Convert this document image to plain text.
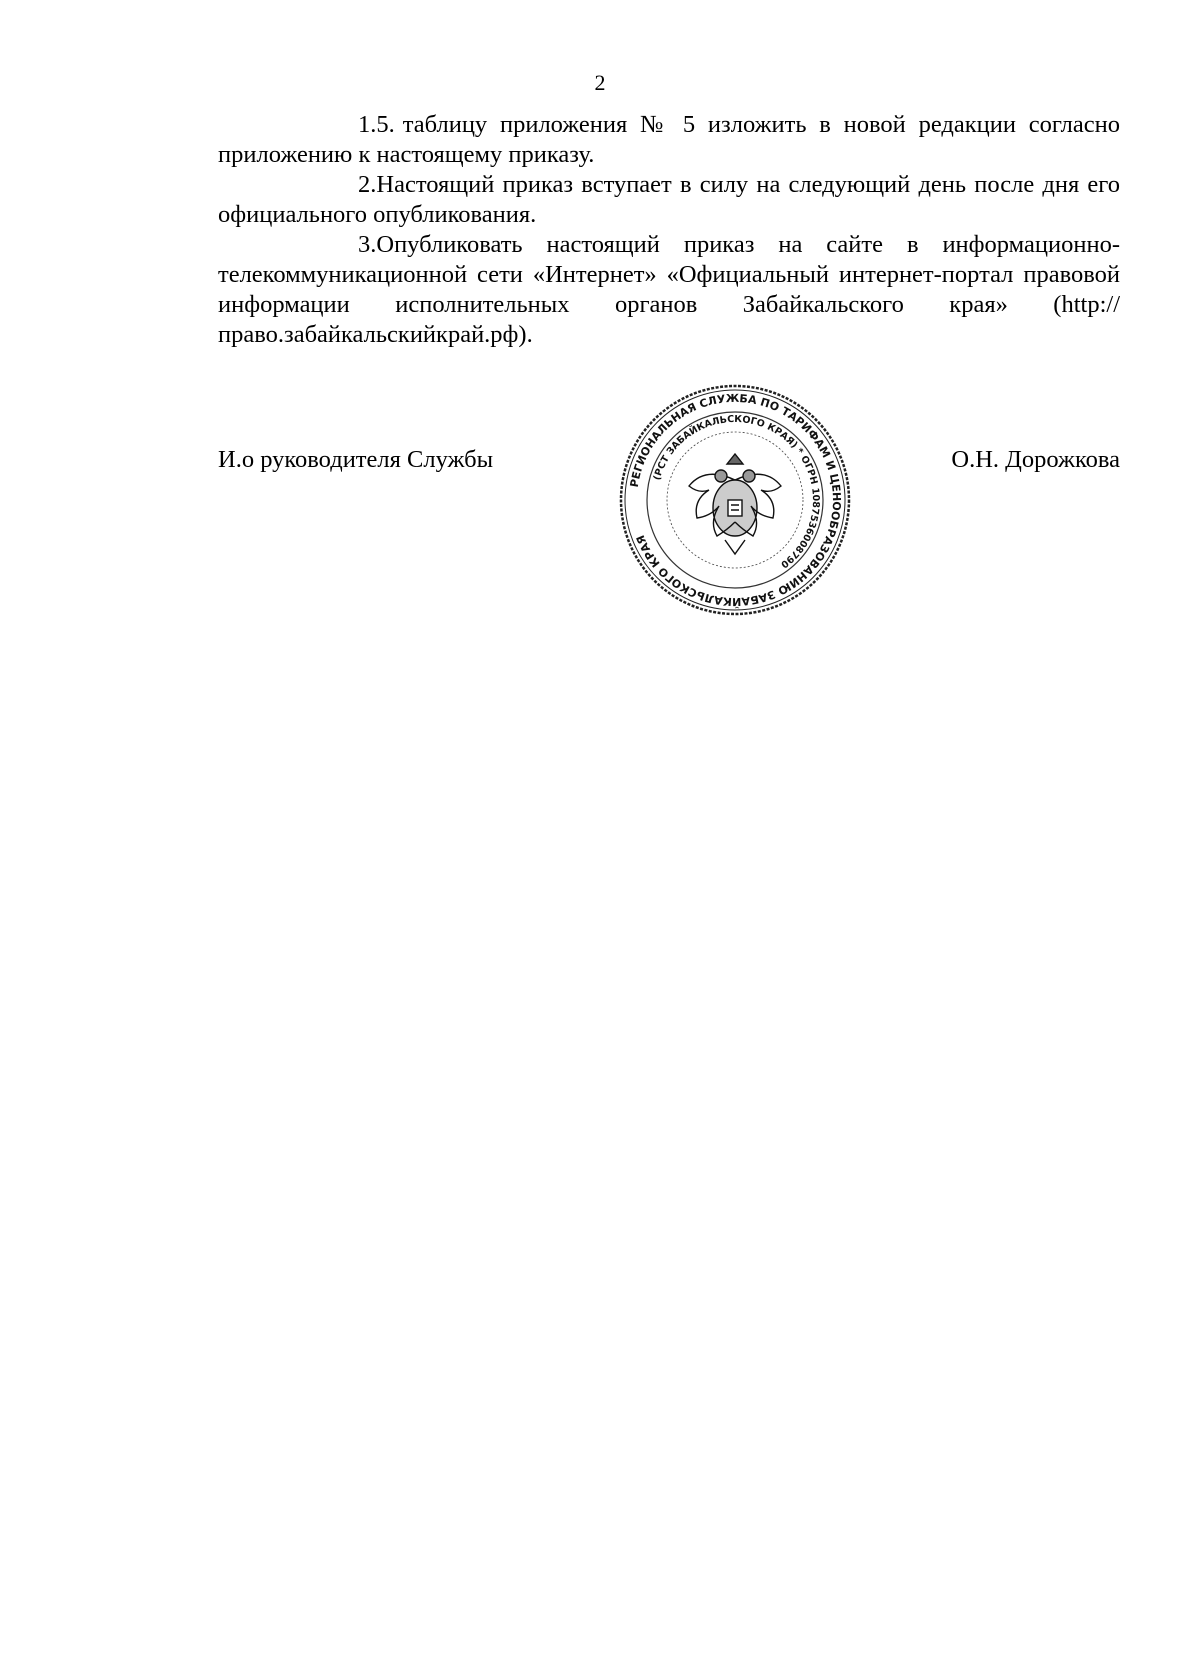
2

1.5. таблицу приложения № 5 изложить в новой редакции согласно приложению к настоящему приказу.

2.Настоящий приказ вступает в силу на следующий день после дня его официального опубликования.

3.Опубликовать настоящий приказ на сайте в информационно-телекоммуникационной сети «Интернет» «Официальный интернет-портал правовой информации исполнительных органов Забайкальского края» (http://право.забайкальскийкрай.рф).

И.о руководителя Службы	О.Н. Дорожкова
РЕГИОНАЛЬНАЯ СЛУЖБА ПО ТАРИФАМ И ЦЕНООБРАЗОВАНИЮ ЗАБАЙКАЛЬСКОГО КРАЯ
(РСТ ЗАБАЙКАЛЬСКОГО КРАЯ) * ОГРН 1087536008790
